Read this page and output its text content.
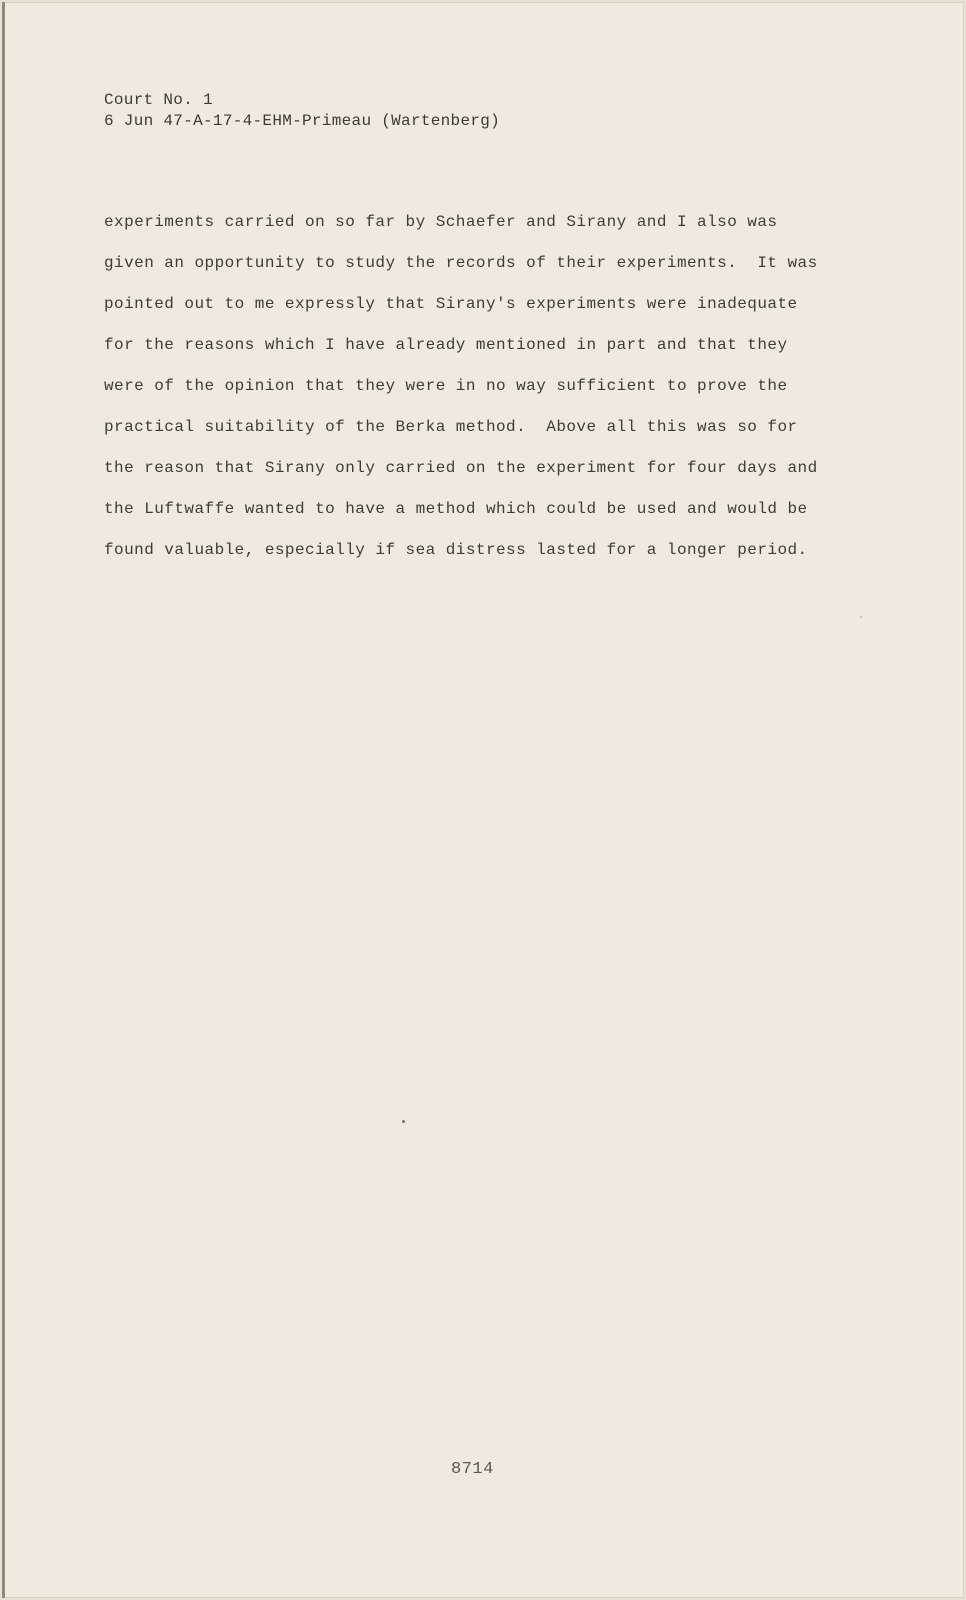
Court No. 1
6 Jun 47-A-17-4-EHM-Primeau (Wartenberg)
experiments carried on so far by Schaefer and Sirany and I also was
given an opportunity to study the records of their experiments.  It was
pointed out to me expressly that Sirany's experiments were inadequate
for the reasons which I have already mentioned in part and that they
were of the opinion that they were in no way sufficient to prove the
practical suitability of the Berka method.  Above all this was so for
the reason that Sirany only carried on the experiment for four days and
the Luftwaffe wanted to have a method which could be used and would be
found valuable, especially if sea distress lasted for a longer period.
8714
